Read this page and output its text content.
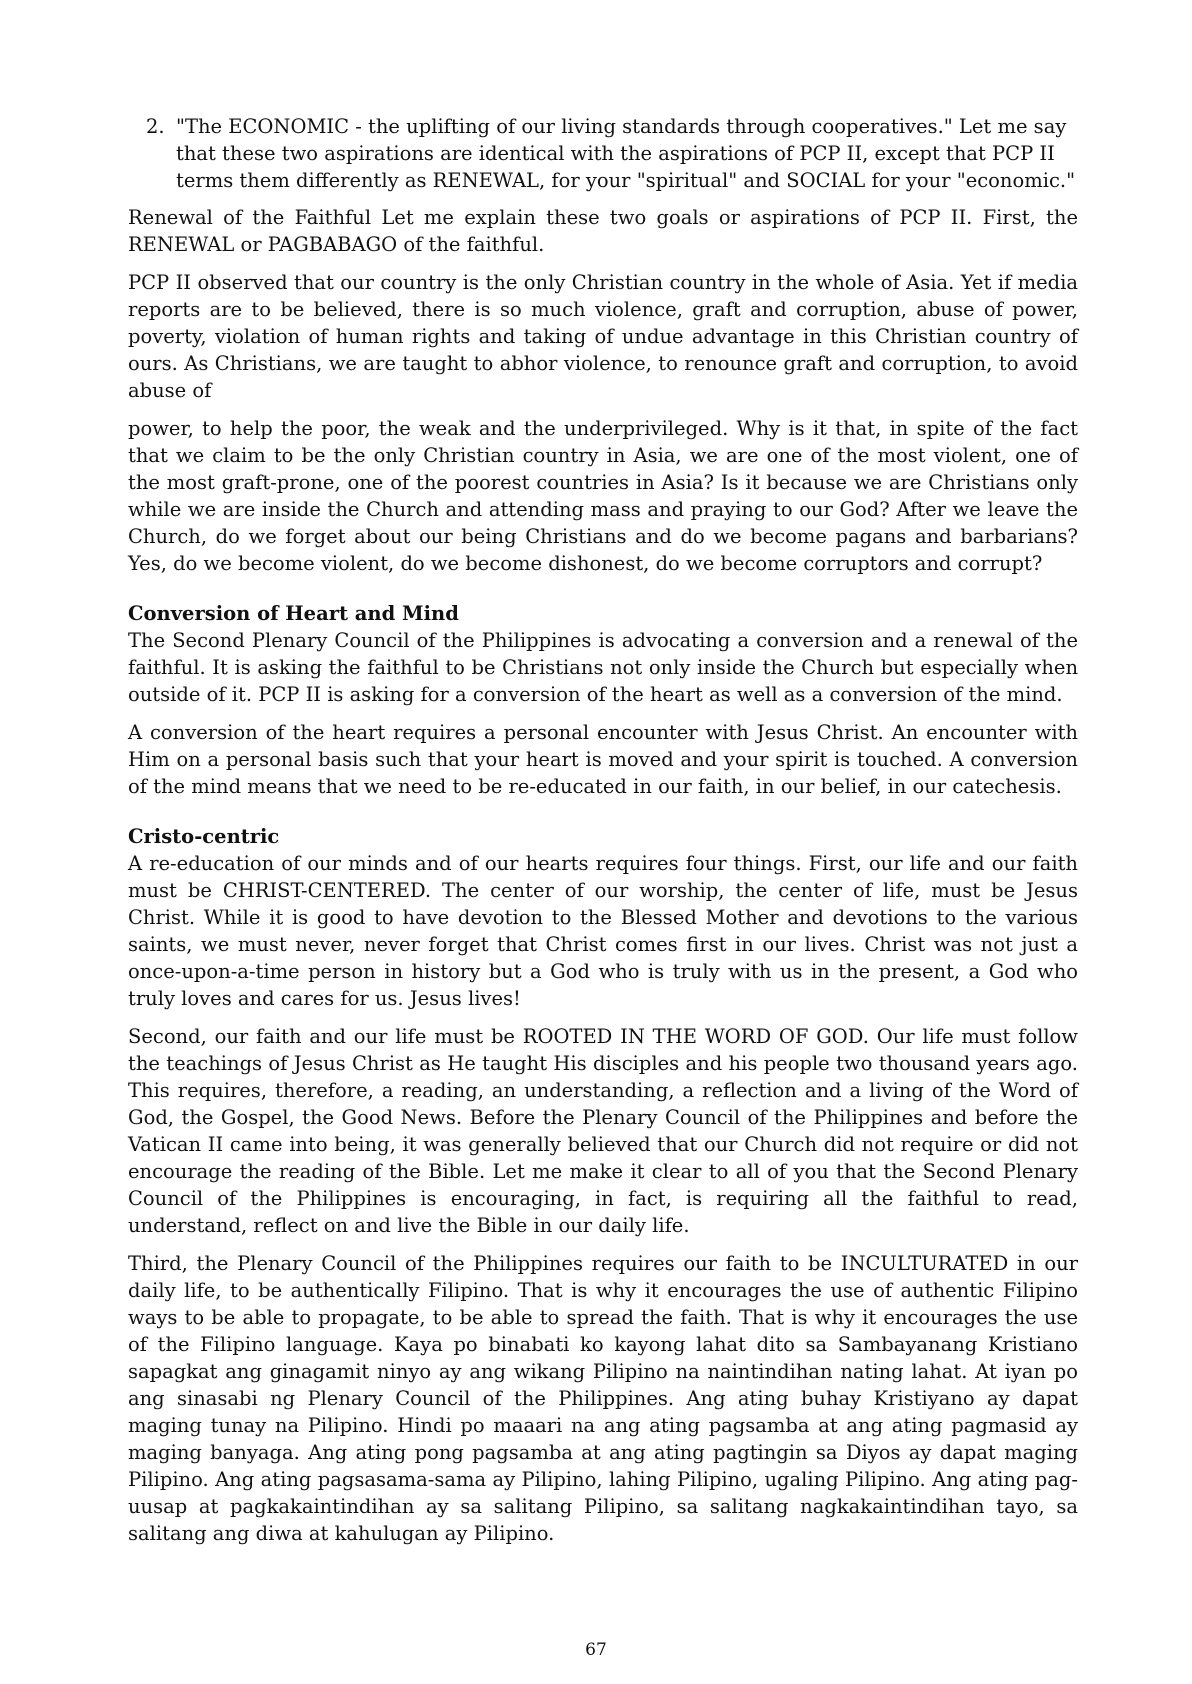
2. "The ECONOMIC - the uplifting of our living standards through cooperatives." Let me say that these two aspirations are identical with the aspirations of PCP II, except that PCP II terms them differently as RENEWAL, for your "spiritual" and SOCIAL for your "economic."

Renewal of the Faithful Let me explain these two goals or aspirations of PCP II. First, the RENEWAL or PAGBABAGO of the faithful.

PCP II observed that our country is the only Christian country in the whole of Asia. Yet if media reports are to be believed, there is so much violence, graft and corruption, abuse of power, poverty, violation of human rights and taking of undue advantage in this Christian country of ours. As Christians, we are taught to abhor violence, to renounce graft and corruption, to avoid abuse of

power, to help the poor, the weak and the underprivileged. Why is it that, in spite of the fact that we claim to be the only Christian country in Asia, we are one of the most violent, one of the most graft-prone, one of the poorest countries in Asia? Is it because we are Christians only while we are inside the Church and attending mass and praying to our God? After we leave the Church, do we forget about our being Christians and do we become pagans and barbarians? Yes, do we become violent, do we become dishonest, do we become corruptors and corrupt?

Conversion of Heart and Mind

The Second Plenary Council of the Philippines is advocating a conversion and a renewal of the faithful. It is asking the faithful to be Christians not only inside the Church but especially when outside of it. PCP II is asking for a conversion of the heart as well as a conversion of the mind.

A conversion of the heart requires a personal encounter with Jesus Christ. An encounter with Him on a personal basis such that your heart is moved and your spirit is touched. A conversion of the mind means that we need to be re-educated in our faith, in our belief, in our catechesis.

Cristo-centric

A re-education of our minds and of our hearts requires four things. First, our life and our faith must be CHRIST-CENTERED. The center of our worship, the center of life, must be Jesus Christ. While it is good to have devotion to the Blessed Mother and devotions to the various saints, we must never, never forget that Christ comes first in our lives. Christ was not just a once-upon-a-time person in history but a God who is truly with us in the present, a God who truly loves and cares for us. Jesus lives!

Second, our faith and our life must be ROOTED IN THE WORD OF GOD. Our life must follow the teachings of Jesus Christ as He taught His disciples and his people two thousand years ago. This requires, therefore, a reading, an understanding, a reflection and a living of the Word of God, the Gospel, the Good News. Before the Plenary Council of the Philippines and before the Vatican II came into being, it was generally believed that our Church did not require or did not encourage the reading of the Bible. Let me make it clear to all of you that the Second Plenary Council of the Philippines is encouraging, in fact, is requiring all the faithful to read, understand, reflect on and live the Bible in our daily life.

Third, the Plenary Council of the Philippines requires our faith to be INCULTURATED in our daily life, to be authentically Filipino. That is why it encourages the use of authentic Filipino ways to be able to propagate, to be able to spread the faith. That is why it encourages the use of the Filipino language. Kaya po binabati ko kayong lahat dito sa Sambayanang Kristiano sapagkat ang ginagamit ninyo ay ang wikang Pilipino na naintindihan nating lahat. At iyan po ang sinasabi ng Plenary Council of the Philippines. Ang ating buhay Kristiyano ay dapat maging tunay na Pilipino. Hindi po maaari na ang ating pagsamba at ang ating pagmasid ay maging banyaga. Ang ating pong pagsamba at ang ating pagtingin sa Diyos ay dapat maging Pilipino. Ang ating pagsasama-sama ay Pilipino, lahing Pilipino, ugaling Pilipino. Ang ating pag-uusap at pagkakaintindihan ay sa salitang Pilipino, sa salitang nagkakaintindihan tayo, sa salitang ang diwa at kahulugan ay Pilipino.

67
